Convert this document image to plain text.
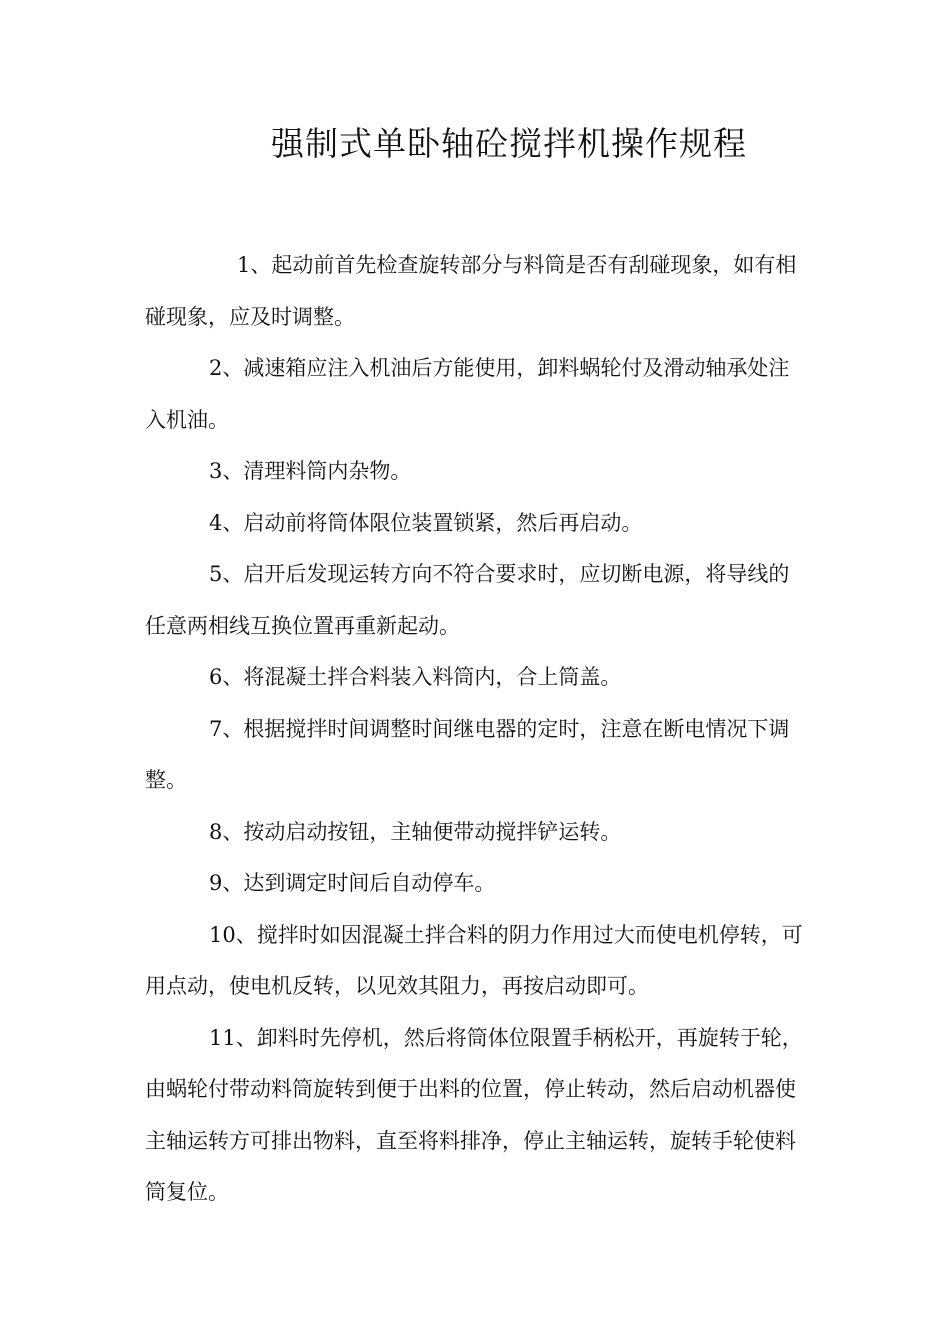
强制式单卧轴砼搅拌机操作规程

1、起动前首先检查旋转部分与料筒是否有刮碰现象，如有相碰现象，应及时调整。

2、减速箱应注入机油后方能使用，卸料蜗轮付及滑动轴承处注入机油。

3、清理料筒内杂物。

4、启动前将筒体限位装置锁紧，然后再启动。

5、启开后发现运转方向不符合要求时，应切断电源，将导线的任意两相线互换位置再重新起动。

6、将混凝土拌合料装入料筒内，合上筒盖。

7、根据搅拌时间调整时间继电器的定时，注意在断电情况下调整。

8、按动启动按钮，主轴便带动搅拌铲运转。

9、达到调定时间后自动停车。

10、搅拌时如因混凝土拌合料的阴力作用过大而使电机停转，可用点动，使电机反转，以见效其阻力，再按启动即可。

11、卸料时先停机，然后将筒体位限置手柄松开，再旋转于轮，由蜗轮付带动料筒旋转到便于出料的位置，停止转动，然后启动机器使主轴运转方可排出物料，直至将料排净，停止主轴运转，旋转手轮使料筒复位。
